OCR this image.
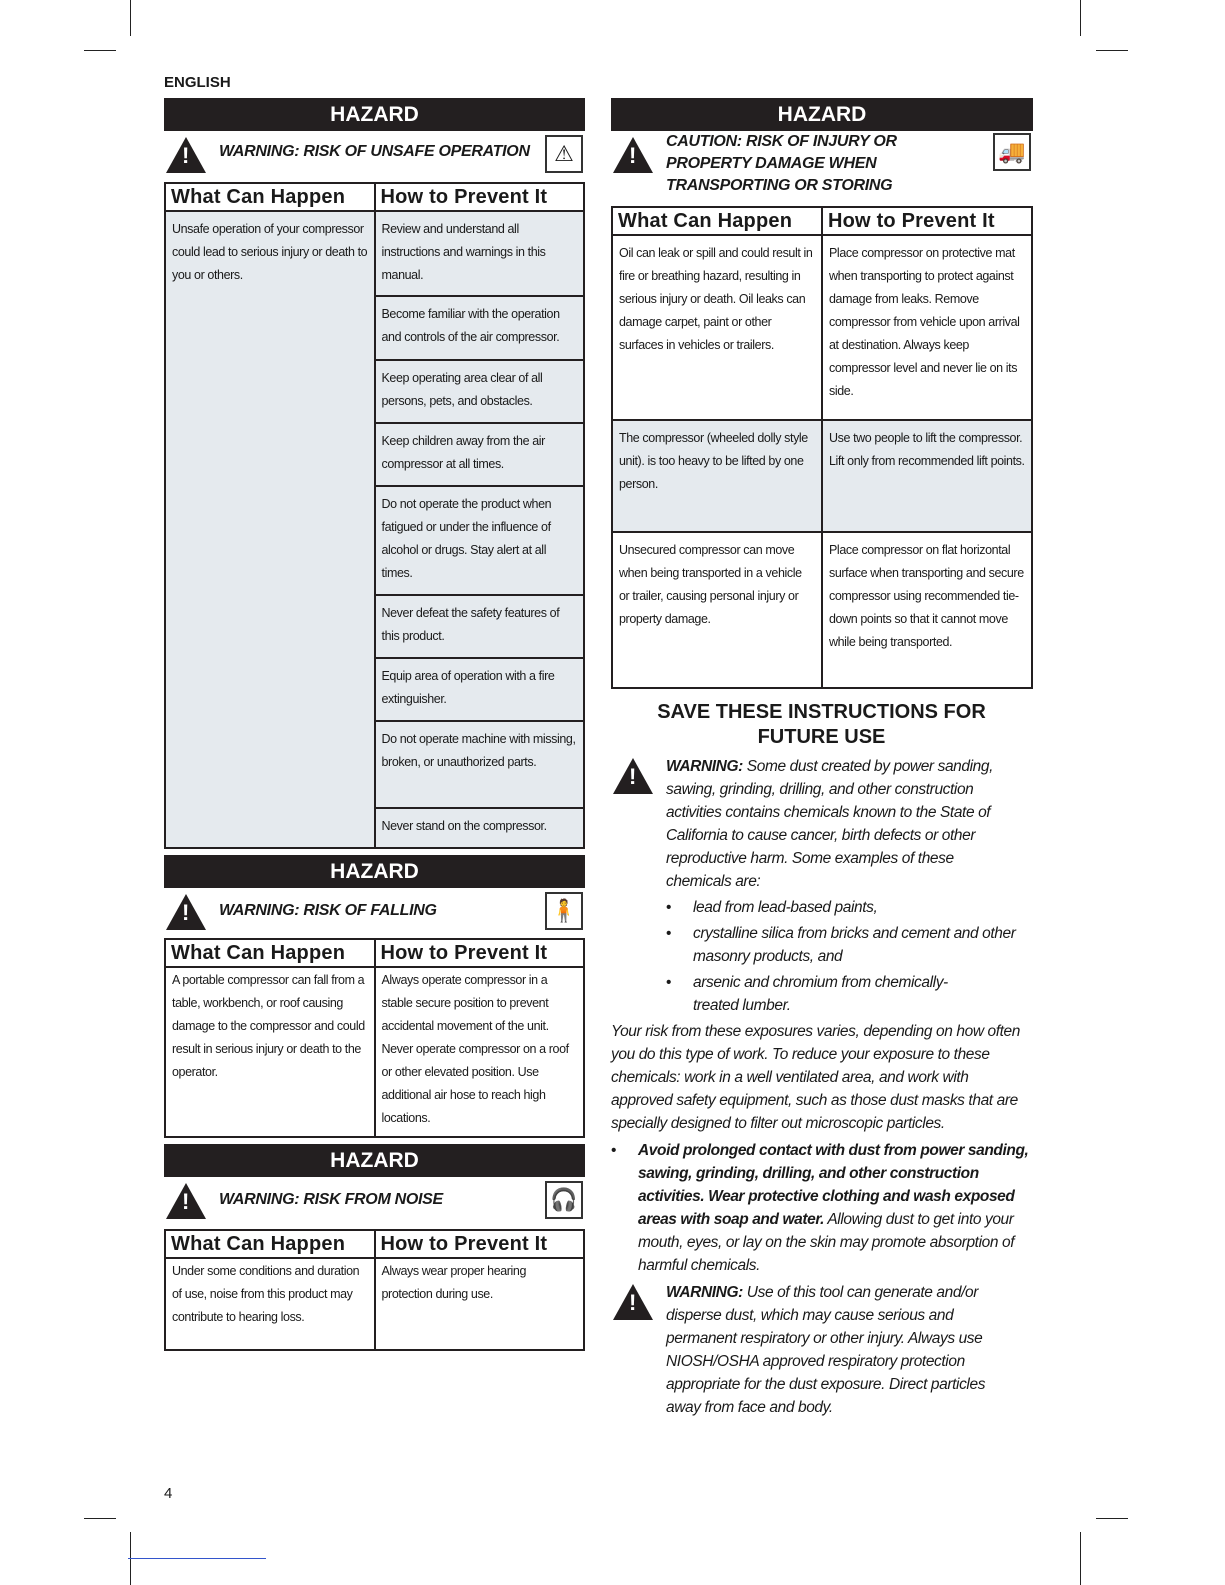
ENGLISH
HAZARD
!
WARNING: RISK OF UNSAFE OPERATION	⚠
What Can Happen	How to Prevent It
Unsafe operation of your compressor could lead to serious injury or death to you or others.	Review and understand all instructions and warnings in this manual.
	Become familiar with the operation and controls of the air compressor.
	Keep operating area clear of all persons, pets, and obstacles.
	Keep children away from the air compressor at all times.
	Do not operate the product when fatigued or under the influence of alcohol or drugs. Stay alert at all times.
	Never defeat the safety features of this product.
	Equip area of operation with a fire extinguisher.
	Do not operate machine with missing, broken, or unauthorized parts.
	Never stand on the compressor.
HAZARD
!
WARNING: RISK OF FALLING	🧍
What Can Happen	How to Prevent It
A portable compressor can fall from a table, workbench, or roof causing damage to the compressor and could result in serious injury or death to the operator.	Always operate compressor in a stable secure position to prevent accidental movement of the unit. Never operate compressor on a roof or other elevated position. Use additional air hose to reach high locations.
HAZARD
!
WARNING: RISK FROM NOISE	🎧
What Can Happen	How to Prevent It
Under some conditions and duration of use, noise from this product may contribute to hearing loss.	Always wear proper hearing protection during use.
HAZARD
!
CAUTION: RISK OF INJURY OR PROPERTY DAMAGE WHEN TRANSPORTING OR STORING
🚚
What Can Happen	How to Prevent It
Oil can leak or spill and could result in fire or breathing hazard, resulting in serious injury or death. Oil leaks can damage carpet, paint or other surfaces in vehicles or trailers.	Place compressor on protective mat when transporting to protect against damage from leaks. Remove compressor from vehicle upon arrival at destination. Always keep compressor level and never lie on its side.
The compressor (wheeled dolly style unit). is too heavy to be lifted by one person.	Use two people to lift the compressor. Lift only from recommended lift points.
Unsecured compressor can move when being transported in a vehicle or trailer, causing personal injury or property damage.	Place compressor on flat horizontal surface when transporting and secure compressor using recommended tie-down points so that it cannot move while being transported.
SAVE THESE INSTRUCTIONS FOR FUTURE USE
!
WARNING: Some dust created by power sanding, sawing, grinding, drilling, and other construction activities contains chemicals known to the State of California to cause cancer, birth defects or other reproductive harm. Some examples of these chemicals are:
• lead from lead-based paints,
• crystalline silica from bricks and cement and other masonry products, and
• arsenic and chromium from chemically-treated lumber.
Your risk from these exposures varies, depending on how often you do this type of work. To reduce your exposure to these chemicals: work in a well ventilated area, and work with approved safety equipment, such as those dust masks that are specially designed to filter out microscopic particles.
• Avoid prolonged contact with dust from power sanding, sawing, grinding, drilling, and other construction activities. Wear protective clothing and wash exposed areas with soap and water. Allowing dust to get into your mouth, eyes, or lay on the skin may promote absorption of harmful chemicals.
!
WARNING: Use of this tool can generate and/or disperse dust, which may cause serious and permanent respiratory or other injury. Always use NIOSH/OSHA approved respiratory protection appropriate for the dust exposure. Direct particles away from face and body.
4
